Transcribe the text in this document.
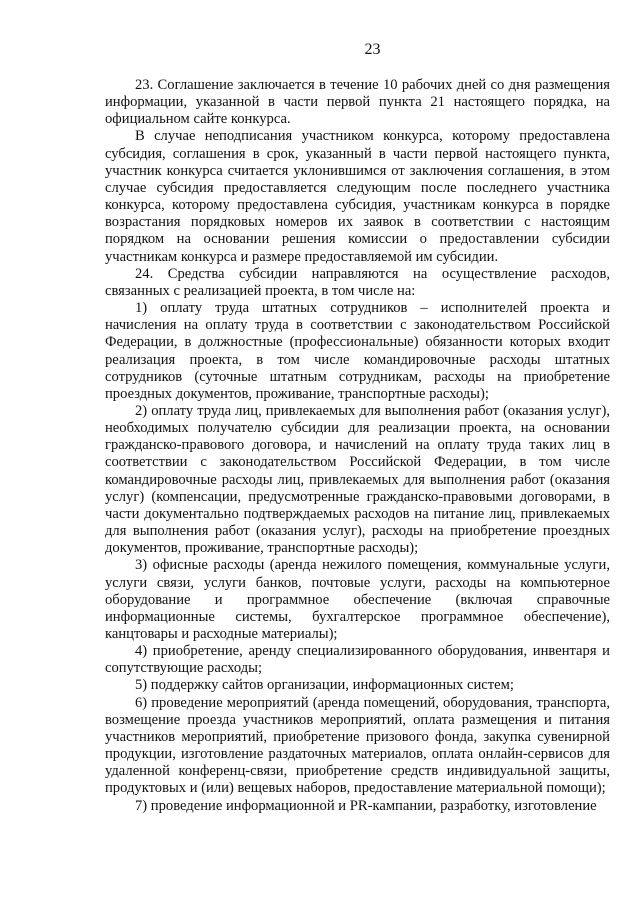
23

23. Соглашение заключается в течение 10 рабочих дней со дня размещения информации, указанной в части первой пункта 21 настоящего порядка, на официальном сайте конкурса.

В случае неподписания участником конкурса, которому предоставлена субсидия, соглашения в срок, указанный в части первой настоящего пункта, участник конкурса считается уклонившимся от заключения соглашения, в этом случае субсидия предоставляется следующим после последнего участника конкурса, которому предоставлена субсидия, участникам конкурса в порядке возрастания порядковых номеров их заявок в соответствии с настоящим порядком на основании решения комиссии о предоставлении субсидии участникам конкурса и размере предоставляемой им субсидии.

24. Средства субсидии направляются на осуществление расходов, связанных с реализацией проекта, в том числе на:

1) оплату труда штатных сотрудников – исполнителей проекта и начисления на оплату труда в соответствии с законодательством Российской Федерации, в должностные (профессиональные) обязанности которых входит реализация проекта, в том числе командировочные расходы штатных сотрудников (суточные штатным сотрудникам, расходы на приобретение проездных документов, проживание, транспортные расходы);

2) оплату труда лиц, привлекаемых для выполнения работ (оказания услуг), необходимых получателю субсидии для реализации проекта, на основании гражданско-правового договора, и начислений на оплату труда таких лиц в соответствии с законодательством Российской Федерации, в том числе командировочные расходы лиц, привлекаемых для выполнения работ (оказания услуг) (компенсации, предусмотренные гражданско-правовыми договорами, в части документально подтверждаемых расходов на питание лиц, привлекаемых для выполнения работ (оказания услуг), расходы на приобретение проездных документов, проживание, транспортные расходы);

3) офисные расходы (аренда нежилого помещения, коммунальные услуги, услуги связи, услуги банков, почтовые услуги, расходы на компьютерное оборудование и программное обеспечение (включая справочные информационные системы, бухгалтерское программное обеспечение), канцтовары и расходные материалы);

4) приобретение, аренду специализированного оборудования, инвентаря и сопутствующие расходы;

5) поддержку сайтов организации, информационных систем;

6) проведение мероприятий (аренда помещений, оборудования, транспорта, возмещение проезда участников мероприятий, оплата размещения и питания участников мероприятий, приобретение призового фонда, закупка сувенирной продукции, изготовление раздаточных материалов, оплата онлайн-сервисов для удаленной конференц-связи, приобретение средств индивидуальной защиты, продуктовых и (или) вещевых наборов, предоставление материальной помощи);

7) проведение информационной и PR-кампании, разработку, изготовление
